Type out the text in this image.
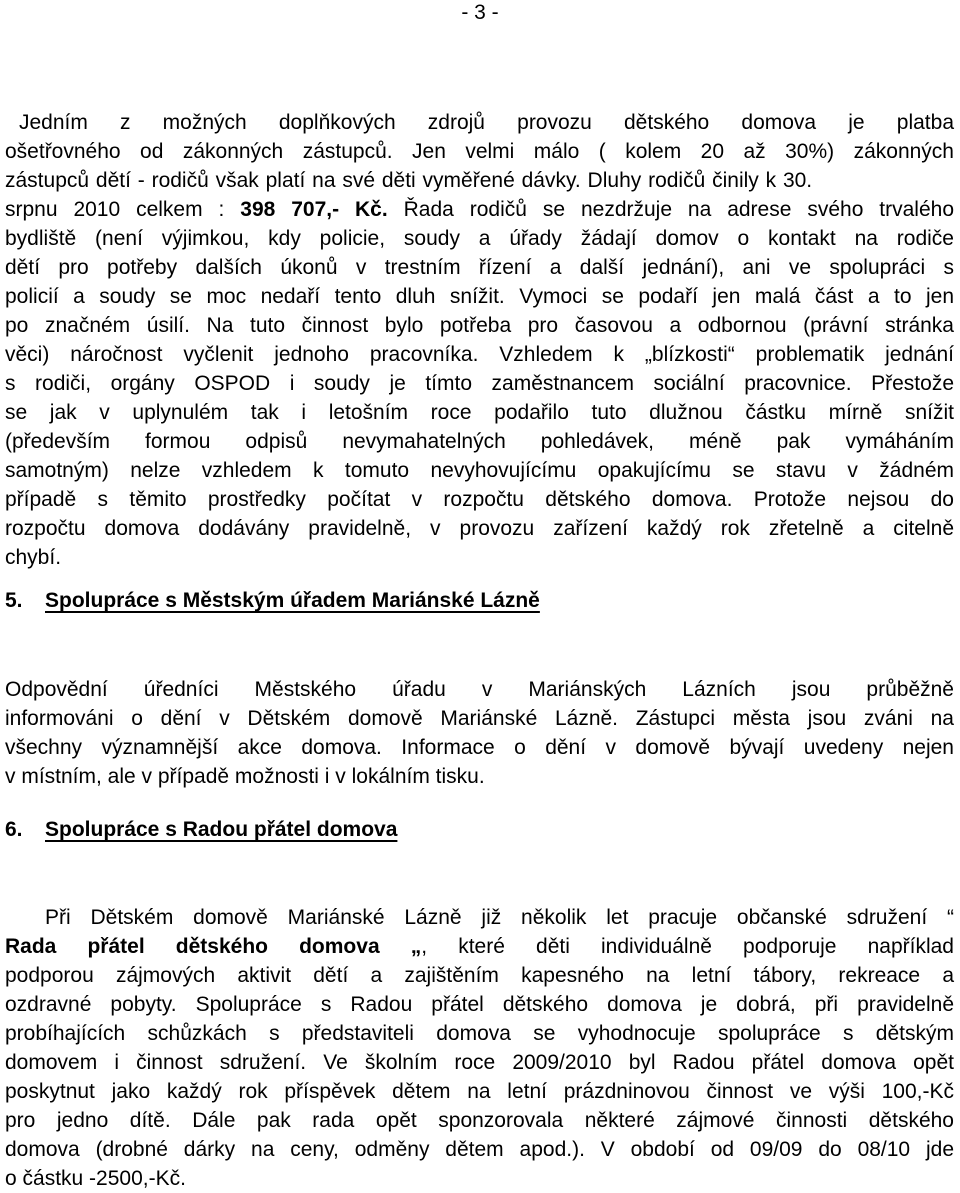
- 3 -
Jedním z možných doplňkových zdrojů provozu dětského domova je platba
ošetřovného od zákonných zástupců. Jen velmi málo ( kolem 20 až 30%) zákonných
zástupců dětí - rodičů však platí na své děti vyměřené dávky. Dluhy rodičů činily k 30.
srpnu 2010 celkem : 398 707,- Kč. Řada rodičů se nezdržuje na adrese svého trvalého
bydliště (není výjimkou, kdy policie, soudy a úřady žádají domov o kontakt na rodiče
dětí pro potřeby dalších úkonů v trestním řízení a další jednání), ani ve spolupráci s
policií a soudy se moc nedaří tento dluh snížit. Vymoci se podaří jen malá část a to jen
po značném úsilí. Na tuto činnost bylo potřeba pro časovou a odbornou (právní stránka
věci) náročnost vyčlenit jednoho pracovníka. Vzhledem k „blízkosti“ problematik jednání
s rodiči, orgány OSPOD i soudy je tímto zaměstnancem sociální pracovnice. Přestože
se jak v uplynulém tak i letošním roce podařilo tuto dlužnou částku mírně snížit
(především formou odpisů nevymahatelných pohledávek, méně pak vymáháním
samotným) nelze vzhledem k tomuto nevyhovujícímu opakujícímu se stavu v žádném
případě s těmito prostředky počítat v rozpočtu dětského domova. Protože nejsou do
rozpočtu domova dodávány pravidelně, v provozu zařízení každý rok zřetelně a citelně
chybí.
5. Spolupráce s Městským úřadem Mariánské Lázně
Odpovědní úředníci Městského úřadu v Mariánských Lázních jsou průběžně
informováni o dění v Dětském domově Mariánské Lázně. Zástupci města jsou zváni na
všechny významnější akce domova. Informace o dění v domově bývají uvedeny nejen
v místním, ale v případě možnosti i v lokálním tisku.
6. Spolupráce s Radou přátel domova
Při Dětském domově Mariánské Lázně již několik let pracuje občanské sdružení “
Rada přátel dětského domova „, které děti individuálně podporuje například
podporou zájmových aktivit dětí a zajištěním kapesného na letní tábory, rekreace a
ozdravné pobyty. Spolupráce s Radou přátel dětského domova je dobrá, při pravidelně
probíhajících schůzkách s představiteli domova se vyhodnocuje spolupráce s dětským
domovem i činnost sdružení. Ve školním roce 2009/2010 byl Radou přátel domova opět
poskytnut jako každý rok příspěvek dětem na letní prázdninovou činnost ve výši 100,-Kč
pro jedno dítě. Dále pak rada opět sponzorovala některé zájmové činnosti dětského
domova (drobné dárky na ceny, odměny dětem apod.). V období od 09/09 do 08/10 jde
o částku -2500,-Kč.
